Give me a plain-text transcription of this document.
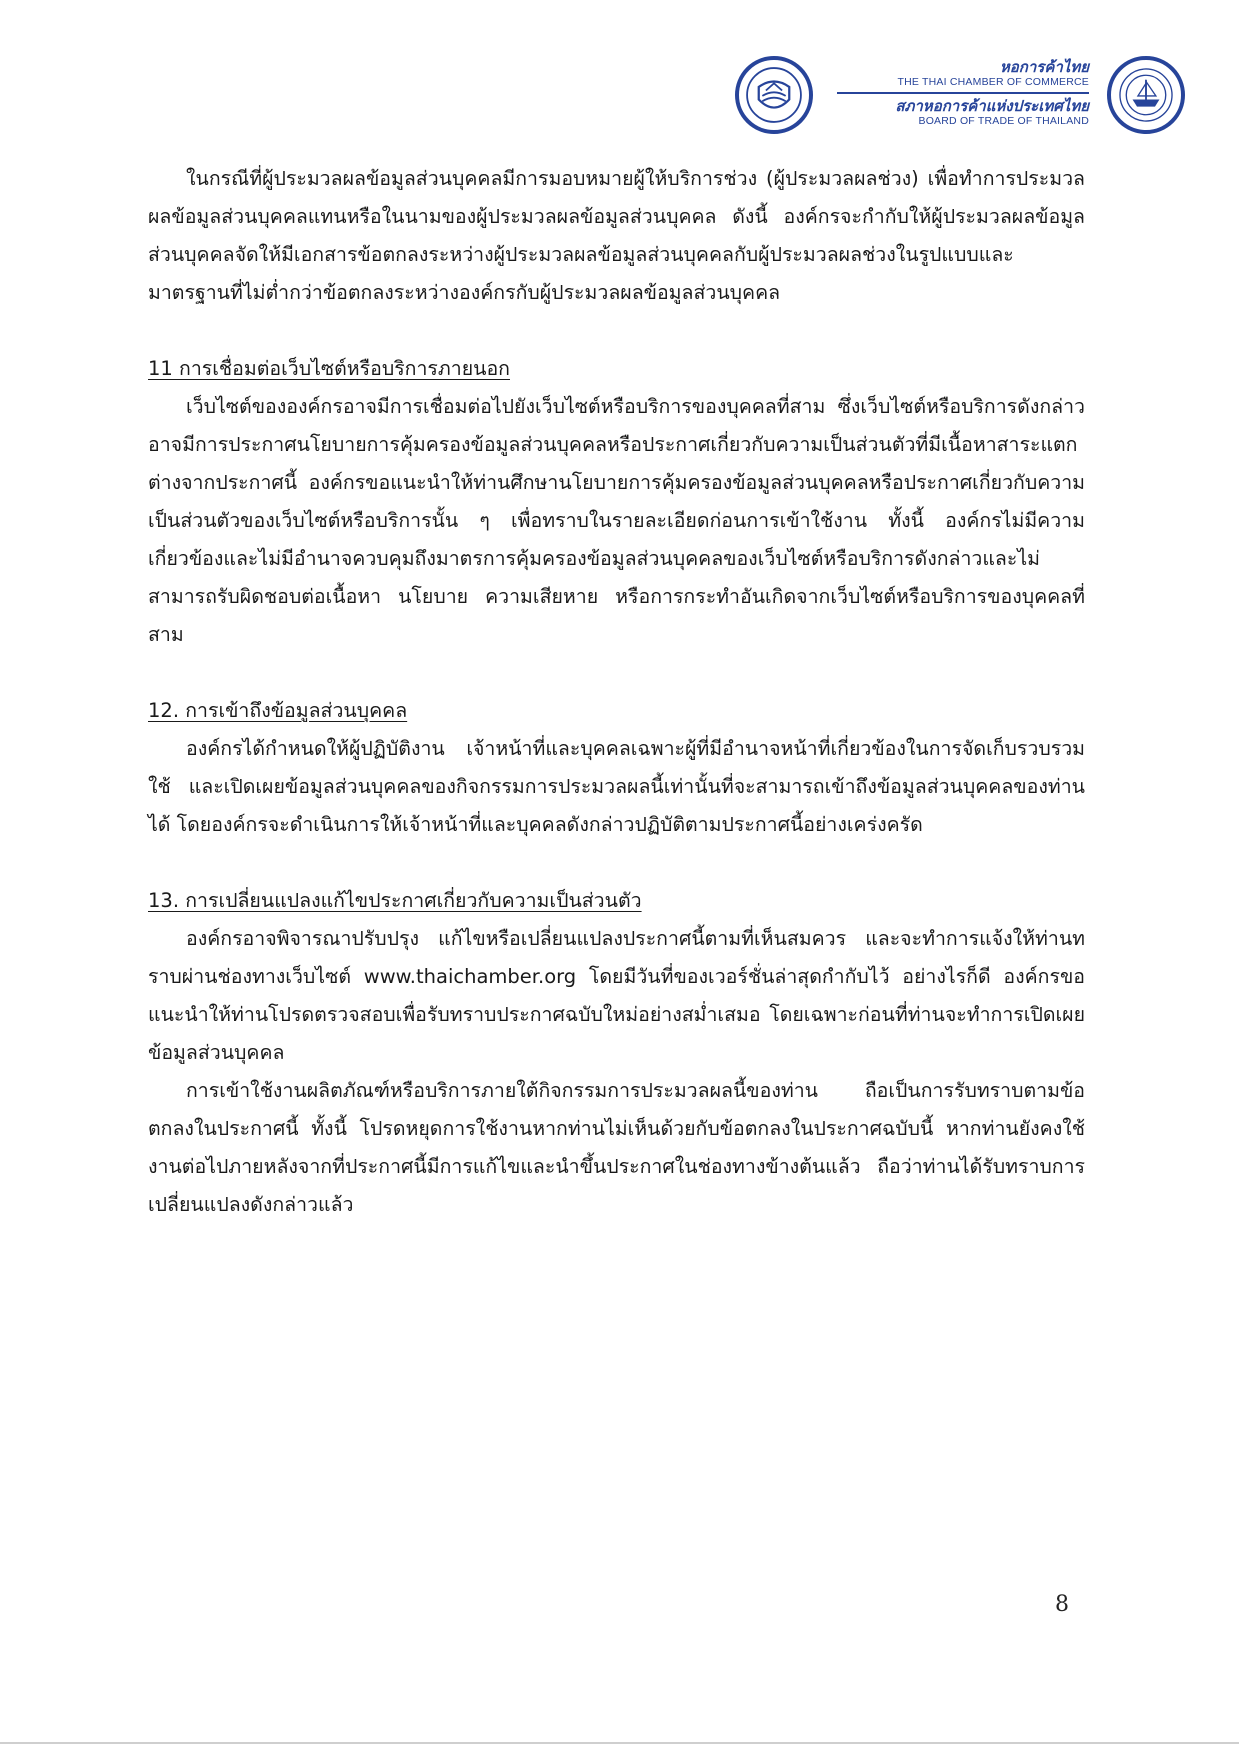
หอการค้าไทย
THE THAI CHAMBER OF COMMERCE
สภาหอการค้าแห่งประเทศไทย
BOARD OF TRADE OF THAILAND

ในกรณีที่ผู้ประมวลผลข้อมูลส่วนบุคคลมีการมอบหมายผู้ให้บริการช่วง (ผู้ประมวลผลช่วง) เพื่อทำการประมวลผลข้อมูลส่วนบุคคลแทนหรือในนามของผู้ประมวลผลข้อมูลส่วนบุคคล ดังนี้ องค์กรจะกำกับให้ผู้ประมวลผลข้อมูลส่วนบุคคลจัดให้มีเอกสารข้อตกลงระหว่างผู้ประมวลผลข้อมูลส่วนบุคคลกับผู้ประมวลผลช่วงในรูปแบบและมาตรฐานที่ไม่ต่ำกว่าข้อตกลงระหว่างองค์กรกับผู้ประมวลผลข้อมูลส่วนบุคคล

11 การเชื่อมต่อเว็บไซต์หรือบริการภายนอก

เว็บไซต์ขององค์กรอาจมีการเชื่อมต่อไปยังเว็บไซต์หรือบริการของบุคคลที่สาม ซึ่งเว็บไซต์หรือบริการดังกล่าวอาจมีการประกาศนโยบายการคุ้มครองข้อมูลส่วนบุคคลหรือประกาศเกี่ยวกับความเป็นส่วนตัวที่มีเนื้อหาสาระแตกต่างจากประกาศนี้ องค์กรขอแนะนำให้ท่านศึกษานโยบายการคุ้มครองข้อมูลส่วนบุคคลหรือประกาศเกี่ยวกับความเป็นส่วนตัวของเว็บไซต์หรือบริการนั้น ๆ เพื่อทราบในรายละเอียดก่อนการเข้าใช้งาน ทั้งนี้ องค์กรไม่มีความเกี่ยวข้องและไม่มีอำนาจควบคุมถึงมาตรการคุ้มครองข้อมูลส่วนบุคคลของเว็บไซต์หรือบริการดังกล่าวและไม่สามารถรับผิดชอบต่อเนื้อหา นโยบาย ความเสียหาย หรือการกระทำอันเกิดจากเว็บไซต์หรือบริการของบุคคลที่สาม

12. การเข้าถึงข้อมูลส่วนบุคคล

องค์กรได้กำหนดให้ผู้ปฏิบัติงาน เจ้าหน้าที่และบุคคลเฉพาะผู้ที่มีอำนาจหน้าที่เกี่ยวข้องในการจัดเก็บรวบรวม ใช้ และเปิดเผยข้อมูลส่วนบุคคลของกิจกรรมการประมวลผลนี้เท่านั้นที่จะสามารถเข้าถึงข้อมูลส่วนบุคคลของท่านได้ โดยองค์กรจะดำเนินการให้เจ้าหน้าที่และบุคคลดังกล่าวปฏิบัติตามประกาศนี้อย่างเคร่งครัด

13. การเปลี่ยนแปลงแก้ไขประกาศเกี่ยวกับความเป็นส่วนตัว

องค์กรอาจพิจารณาปรับปรุง แก้ไขหรือเปลี่ยนแปลงประกาศนี้ตามที่เห็นสมควร และจะทำการแจ้งให้ท่านทราบผ่านช่องทางเว็บไซต์ www.thaichamber.org โดยมีวันที่ของเวอร์ชั่นล่าสุดกำกับไว้ อย่างไรก็ดี องค์กรขอแนะนำให้ท่านโปรดตรวจสอบเพื่อรับทราบประกาศฉบับใหม่อย่างสม่ำเสมอ โดยเฉพาะก่อนที่ท่านจะทำการเปิดเผยข้อมูลส่วนบุคคล

การเข้าใช้งานผลิตภัณฑ์หรือบริการภายใต้กิจกรรมการประมวลผลนี้ของท่าน ถือเป็นการรับทราบตามข้อตกลงในประกาศนี้ ทั้งนี้ โปรดหยุดการใช้งานหากท่านไม่เห็นด้วยกับข้อตกลงในประกาศฉบับนี้ หากท่านยังคงใช้งานต่อไปภายหลังจากที่ประกาศนี้มีการแก้ไขและนำขึ้นประกาศในช่องทางข้างต้นแล้ว ถือว่าท่านได้รับทราบการเปลี่ยนแปลงดังกล่าวแล้ว

8
